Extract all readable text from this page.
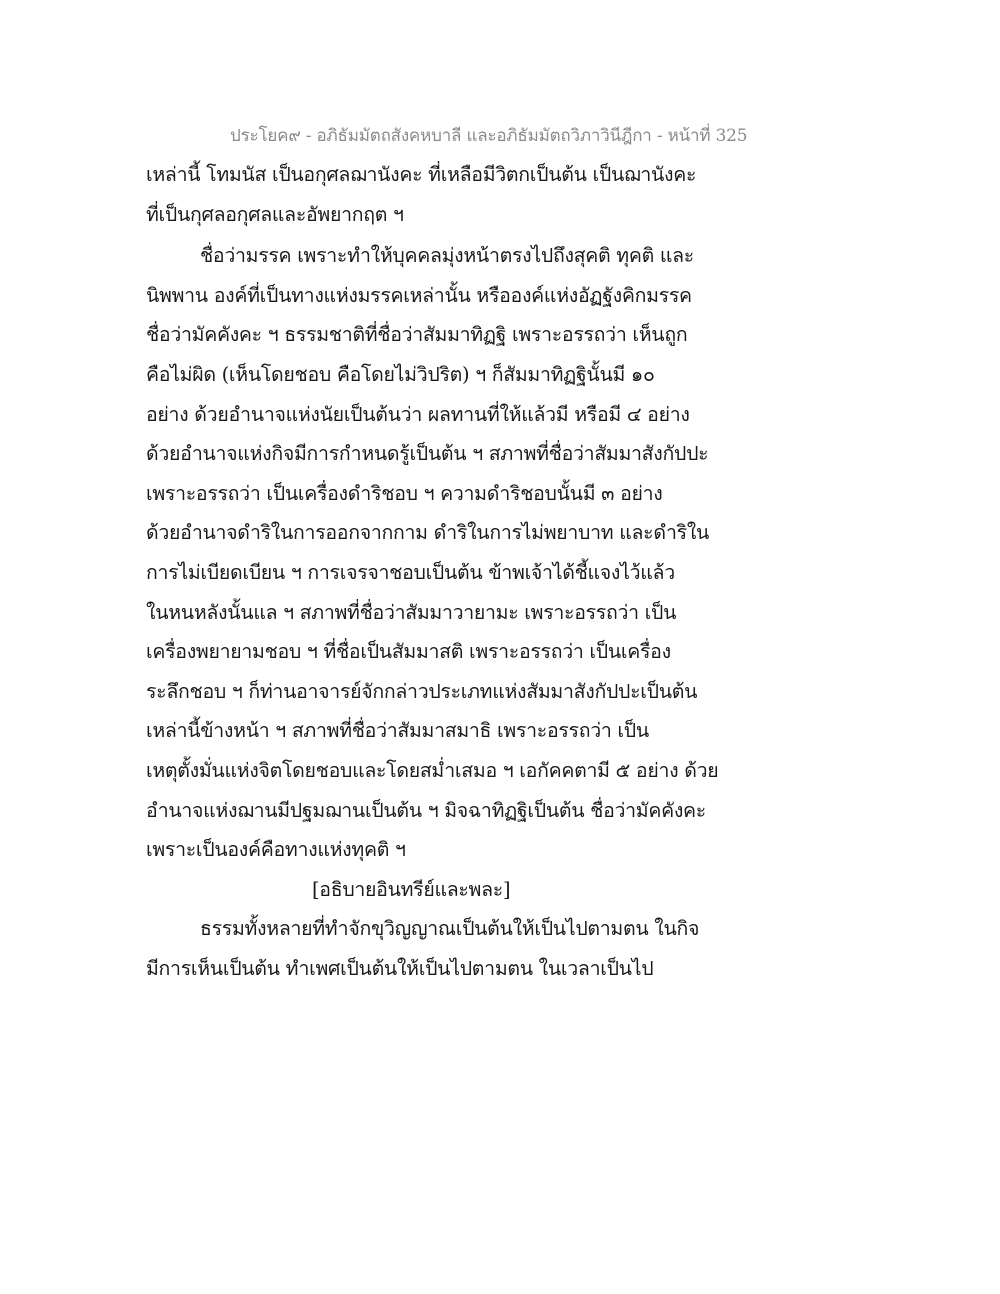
ประโยค๙ - อภิธัมมัตถสังคหบาลี และอภิธัมมัตถวิภาวินีฎีกา - หน้าที่ 325
เหล่านี้ โทมนัส เป็นอกุศลฌานังคะ ที่เหลือมีวิตกเป็นต้น เป็นฌานังคะ
ที่เป็นกุศลอกุศลและอัพยากฤต ฯ
ชื่อว่ามรรค เพราะทำให้บุคคลมุ่งหน้าตรงไปถึงสุคติ ทุคติ และ
นิพพาน องค์ที่เป็นทางแห่งมรรคเหล่านั้น หรือองค์แห่งอัฏฐังคิกมรรค
ชื่อว่ามัคคังคะ ฯ ธรรมชาติที่ชื่อว่าสัมมาทิฏฐิ เพราะอรรถว่า เห็นถูก
คือไม่ผิด (เห็นโดยชอบ คือโดยไม่วิปริต) ฯ ก็สัมมาทิฏฐินั้นมี ๑๐
อย่าง ด้วยอำนาจแห่งนัยเป็นต้นว่า ผลทานที่ให้แล้วมี หรือมี ๔ อย่าง
ด้วยอำนาจแห่งกิจมีการกำหนดรู้เป็นต้น ฯ สภาพที่ชื่อว่าสัมมาสังกัปปะ
เพราะอรรถว่า เป็นเครื่องดำริชอบ ฯ ความดำริชอบนั้นมี ๓ อย่าง
ด้วยอำนาจดำริในการออกจากกาม ดำริในการไม่พยาบาท และดำริใน
การไม่เบียดเบียน ฯ การเจรจาชอบเป็นต้น ข้าพเจ้าได้ชี้แจงไว้แล้ว
ในหนหลังนั้นแล ฯ สภาพที่ชื่อว่าสัมมาวายามะ เพราะอรรถว่า เป็น
เครื่องพยายามชอบ ฯ ที่ชื่อเป็นสัมมาสติ เพราะอรรถว่า เป็นเครื่อง
ระลึกชอบ ฯ ก็ท่านอาจารย์จักกล่าวประเภทแห่งสัมมาสังกัปปะเป็นต้น
เหล่านี้ข้างหน้า ฯ สภาพที่ชื่อว่าสัมมาสมาธิ เพราะอรรถว่า เป็น
เหตุตั้งมั่นแห่งจิตโดยชอบและโดยสม่ำเสมอ ฯ เอกัคคตามี ๕ อย่าง ด้วย
อำนาจแห่งฌานมีปฐมฌานเป็นต้น ฯ มิจฉาทิฏฐิเป็นต้น ชื่อว่ามัคคังคะ
เพราะเป็นองค์คือทางแห่งทุคติ ฯ
[อธิบายอินทรีย์และพละ]
ธรรมทั้งหลายที่ทำจักขุวิญญาณเป็นต้นให้เป็นไปตามตน ในกิจ
มีการเห็นเป็นต้น ทำเพศเป็นต้นให้เป็นไปตามตน ในเวลาเป็นไป
